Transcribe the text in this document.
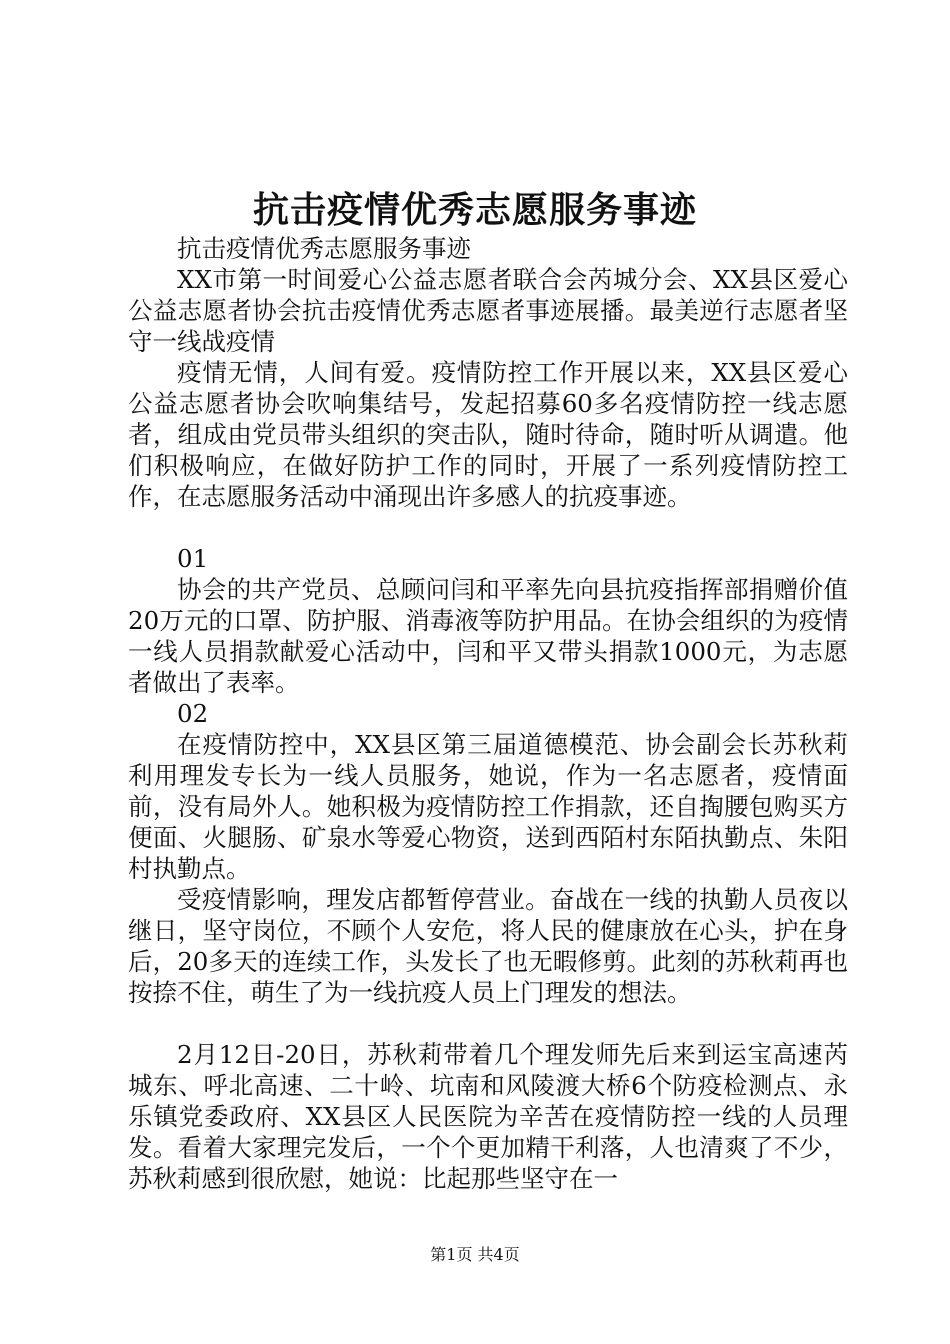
抗击疫情优秀志愿服务事迹

抗击疫情优秀志愿服务事迹

XX市第一时间爱心公益志愿者联合会芮城分会、XX县区爱心公益志愿者协会抗击疫情优秀志愿者事迹展播。最美逆行志愿者坚守一线战疫情

疫情无情，人间有爱。疫情防控工作开展以来，XX县区爱心公益志愿者协会吹响集结号，发起招募60多名疫情防控一线志愿者，组成由党员带头组织的突击队，随时待命，随时听从调遣。他们积极响应，在做好防护工作的同时，开展了一系列疫情防控工作，在志愿服务活动中涌现出许多感人的抗疫事迹。

01

协会的共产党员、总顾问闫和平率先向县抗疫指挥部捐赠价值20万元的口罩、防护服、消毒液等防护用品。在协会组织的为疫情一线人员捐款献爱心活动中，闫和平又带头捐款1000元，为志愿者做出了表率。

02

在疫情防控中，XX县区第三届道德模范、协会副会长苏秋莉利用理发专长为一线人员服务，她说，作为一名志愿者，疫情面前，没有局外人。她积极为疫情防控工作捐款，还自掏腰包购买方便面、火腿肠、矿泉水等爱心物资，送到西陌村东陌执勤点、朱阳村执勤点。

受疫情影响，理发店都暂停营业。奋战在一线的执勤人员夜以继日，坚守岗位，不顾个人安危，将人民的健康放在心头，护在身后，20多天的连续工作，头发长了也无暇修剪。此刻的苏秋莉再也按捺不住，萌生了为一线抗疫人员上门理发的想法。

2月12日-20日，苏秋莉带着几个理发师先后来到运宝高速芮城东、呼北高速、二十岭、坑南和风陵渡大桥6个防疫检测点、永乐镇党委政府、XX县区人民医院为辛苦在疫情防控一线的人员理发。看着大家理完发后，一个个更加精干利落，人也清爽了不少，苏秋莉感到很欣慰，她说：比起那些坚守在一

第1页 共4页
